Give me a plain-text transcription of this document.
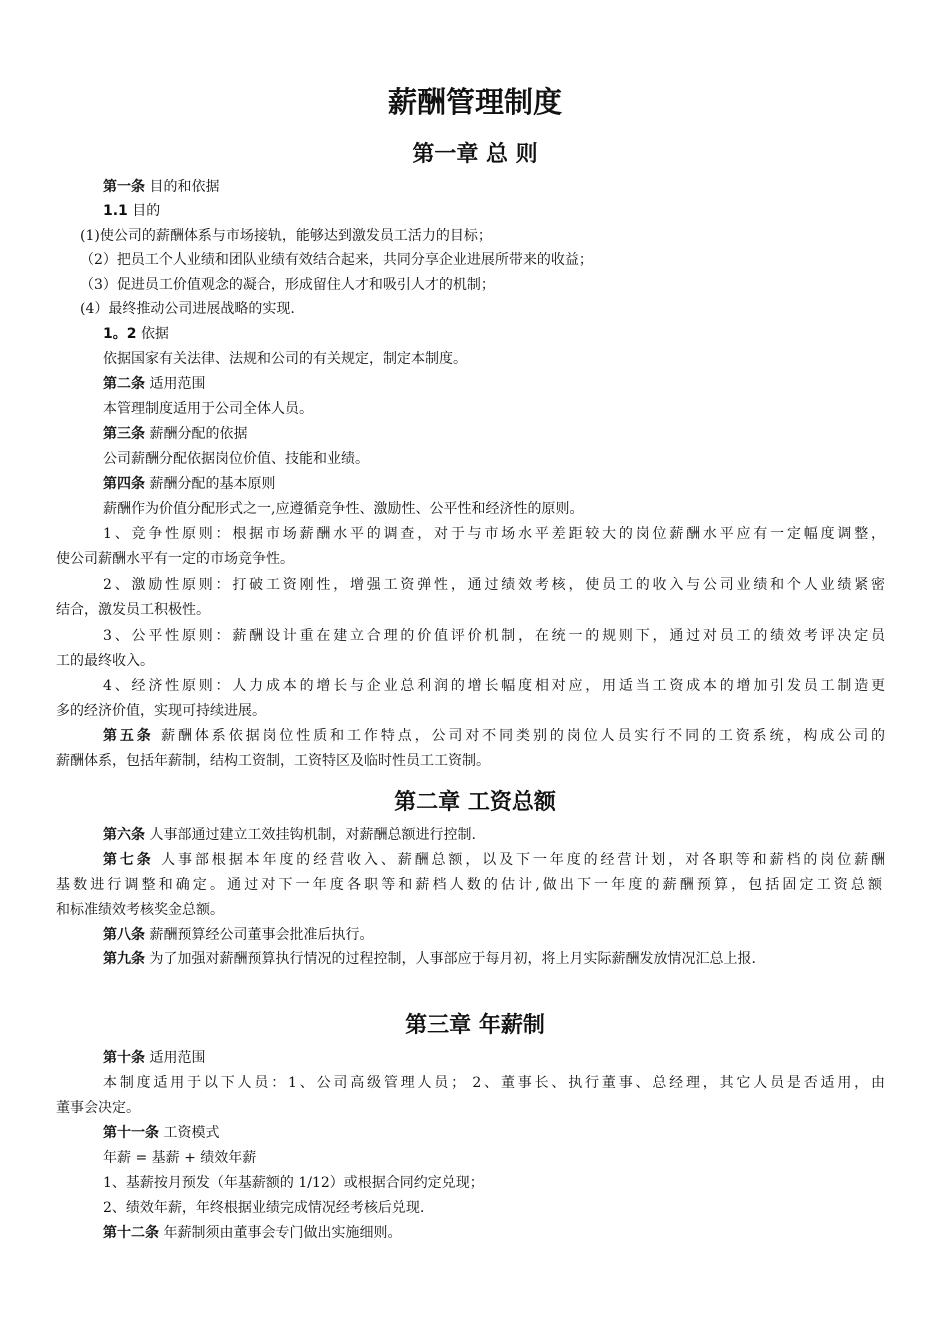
薪酬管理制度
第一章 总 则
第一条 目的和依据
1.1 目的
(1)使公司的薪酬体系与市场接轨，能够达到激发员工活力的目标；
（2）把员工个人业绩和团队业绩有效结合起来，共同分享企业进展所带来的收益；
（3）促进员工价值观念的凝合，形成留住人才和吸引人才的机制；
(4）最终推动公司进展战略的实现.
1。2 依据
依据国家有关法律、法规和公司的有关规定，制定本制度。
第二条 适用范围
本管理制度适用于公司全体人员。
第三条 薪酬分配的依据
公司薪酬分配依据岗位价值、技能和业绩。
第四条 薪酬分配的基本原则
薪酬作为价值分配形式之一,应遵循竞争性、激励性、公平性和经济性的原则。
1、竞争性原则：根据市场薪酬水平的调查，对于与市场水平差距较大的岗位薪酬水平应有一定幅度调整，
使公司薪酬水平有一定的市场竞争性。
2、激励性原则：打破工资刚性，增强工资弹性，通过绩效考核，使员工的收入与公司业绩和个人业绩紧密
结合，激发员工积极性。
3、公平性原则：薪酬设计重在建立合理的价值评价机制，在统一的规则下，通过对员工的绩效考评决定员
工的最终收入。
4、经济性原则：人力成本的增长与企业总利润的增长幅度相对应，用适当工资成本的增加引发员工制造更
多的经济价值，实现可持续进展。
第五条 薪酬体系依据岗位性质和工作特点，公司对不同类别的岗位人员实行不同的工资系统，构成公司的
薪酬体系，包括年薪制，结构工资制，工资特区及临时性员工工资制。
第二章 工资总额
第六条 人事部通过建立工效挂钩机制，对薪酬总额进行控制.
第七条 人事部根据本年度的经营收入、薪酬总额，以及下一年度的经营计划，对各职等和薪档的岗位薪酬
基数进行调整和确定。通过对下一年度各职等和薪档人数的估计,做出下一年度的薪酬预算，包括固定工资总额
和标准绩效考核奖金总额。
第八条 薪酬预算经公司董事会批准后执行。
第九条 为了加强对薪酬预算执行情况的过程控制，人事部应于每月初，将上月实际薪酬发放情况汇总上报.
第三章 年薪制
第十条 适用范围
本制度适用于以下人员：1、公司高级管理人员； 2、董事长、执行董事、总经理，其它人员是否适用，由
董事会决定。
第十一条 工资模式
年薪 = 基薪 + 绩效年薪
1、基薪按月预发（年基薪额的 1/12）或根据合同约定兑现；
2、绩效年薪，年终根据业绩完成情况经考核后兑现.
第十二条 年薪制须由董事会专门做出实施细则。
